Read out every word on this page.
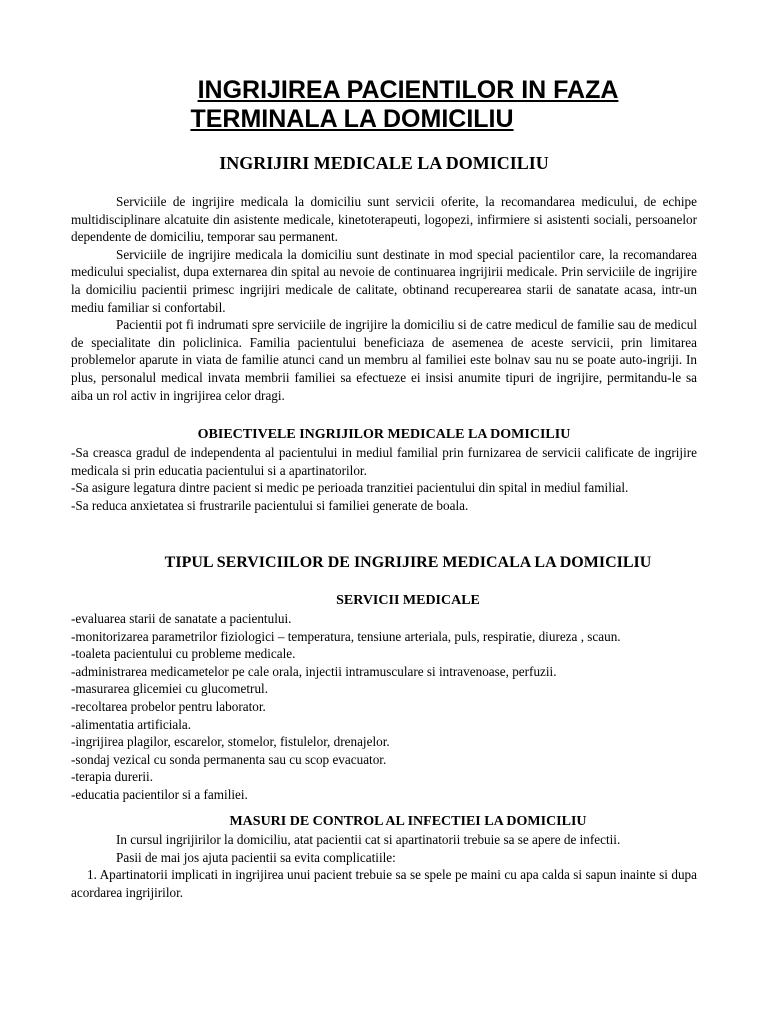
INGRIJIREA PACIENTILOR IN FAZA
TERMINALA LA DOMICILIU
INGRIJIRI MEDICALE LA DOMICILIU

Serviciile de ingrijire medicala la domiciliu sunt servicii oferite, la recomandarea medicului, de echipe multidisciplinare alcatuite din asistente medicale, kinetoterapeuti, logopezi, infirmiere si asistenti sociali, persoanelor dependente de domiciliu, temporar sau permanent.

Serviciile de ingrijire medicala la domiciliu sunt destinate in mod special pacientilor care, la recomandarea medicului specialist, dupa externarea din spital au nevoie de continuarea ingrijirii medicale. Prin serviciile de ingrijire la domiciliu pacientii primesc ingrijiri medicale de calitate, obtinand recuperearea starii de sanatate acasa, intr-un mediu familiar si confortabil.

Pacientii pot fi indrumati spre serviciile de ingrijire la domiciliu si de catre medicul de familie sau de medicul de specialitate din policlinica. Familia pacientului beneficiaza de asemenea de aceste servicii, prin limitarea problemelor aparute in viata de familie atunci cand un membru al familiei este bolnav sau nu se poate auto-ingriji. In plus, personalul medical invata membrii familiei sa efectueze ei insisi anumite tipuri de ingrijire, permitandu-le sa aiba un rol activ in ingrijirea celor dragi.

OBIECTIVELE INGRIJILOR MEDICALE LA DOMICILIU

-Sa creasca gradul de independenta al pacientului in mediul familial prin furnizarea de servicii calificate de ingrijire medicala si prin educatia pacientului si a apartinatorilor.

-Sa asigure legatura dintre pacient si medic pe perioada tranzitiei pacientului din spital in mediul familial.

-Sa reduca anxietatea si frustrarile pacientului si familiei generate de boala.

TIPUL SERVICIILOR DE INGRIJIRE MEDICALA LA DOMICILIU
SERVICII MEDICALE

-evaluarea starii de sanatate a pacientului.

-monitorizarea parametrilor fiziologici – temperatura, tensiune arteriala, puls, respiratie, diureza , scaun.

-toaleta pacientului cu probleme medicale.

-administrarea medicametelor pe cale orala, injectii intramusculare si intravenoase, perfuzii.

-masurarea glicemiei cu glucometrul.

-recoltarea probelor pentru laborator.

-alimentatia artificiala.

-ingrijirea plagilor, escarelor, stomelor, fistulelor, drenajelor.

-sondaj vezical cu sonda permanenta sau cu scop evacuator.

-terapia durerii.

-educatia pacientilor si a familiei.

MASURI DE CONTROL AL INFECTIEI LA DOMICILIU

In cursul ingrijirilor la domiciliu, atat pacientii cat si apartinatorii trebuie sa se apere de infectii.

Pasii de mai jos ajuta pacientii sa evita complicatiile:

1. Apartinatorii implicati in ingrijirea unui pacient trebuie sa se spele pe maini cu apa calda si sapun inainte si dupa acordarea ingrijirilor.
